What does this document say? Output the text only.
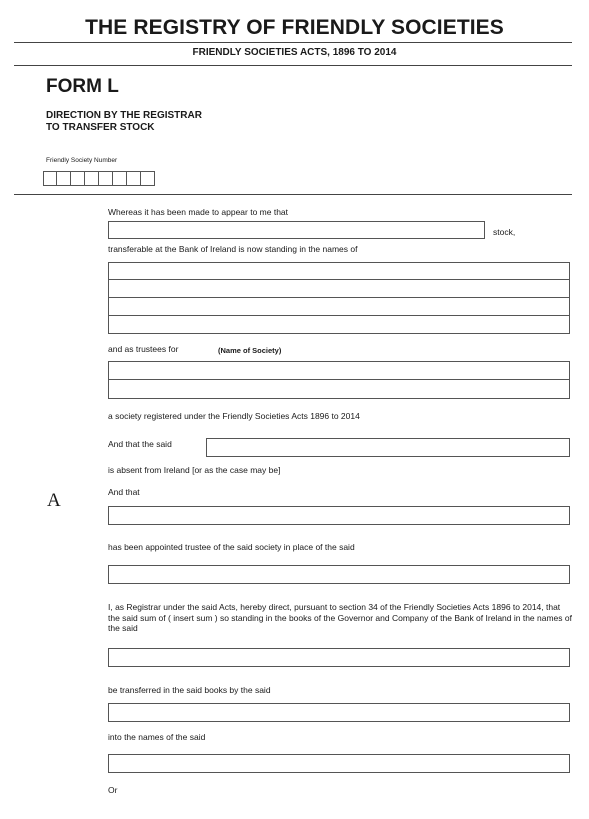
THE REGISTRY OF FRIENDLY SOCIETIES
FRIENDLY SOCIETIES ACTS, 1896 TO 2014
FORM L
DIRECTION BY THE REGISTRAR
TO TRANSFER STOCK
Friendly Society Number
Whereas it has been made to appear to me that
stock,
transferable at the Bank of Ireland is now standing in the names of
and as trustees for	(Name of Society)
a society registered under the Friendly Societies Acts 1896 to 2014
And that the said
is absent from Ireland [or as the case may be]
And that
A
has been appointed trustee of the said society in place of the said
I, as Registrar under the said Acts, hereby direct, pursuant to section 34 of the Friendly Societies Acts 1896 to 2014, that the said sum of ( insert sum ) so standing in the books of the Governor and Company of the Bank of Ireland in the names of the said
be transferred in the said books by the said
into the names of the said
Or
